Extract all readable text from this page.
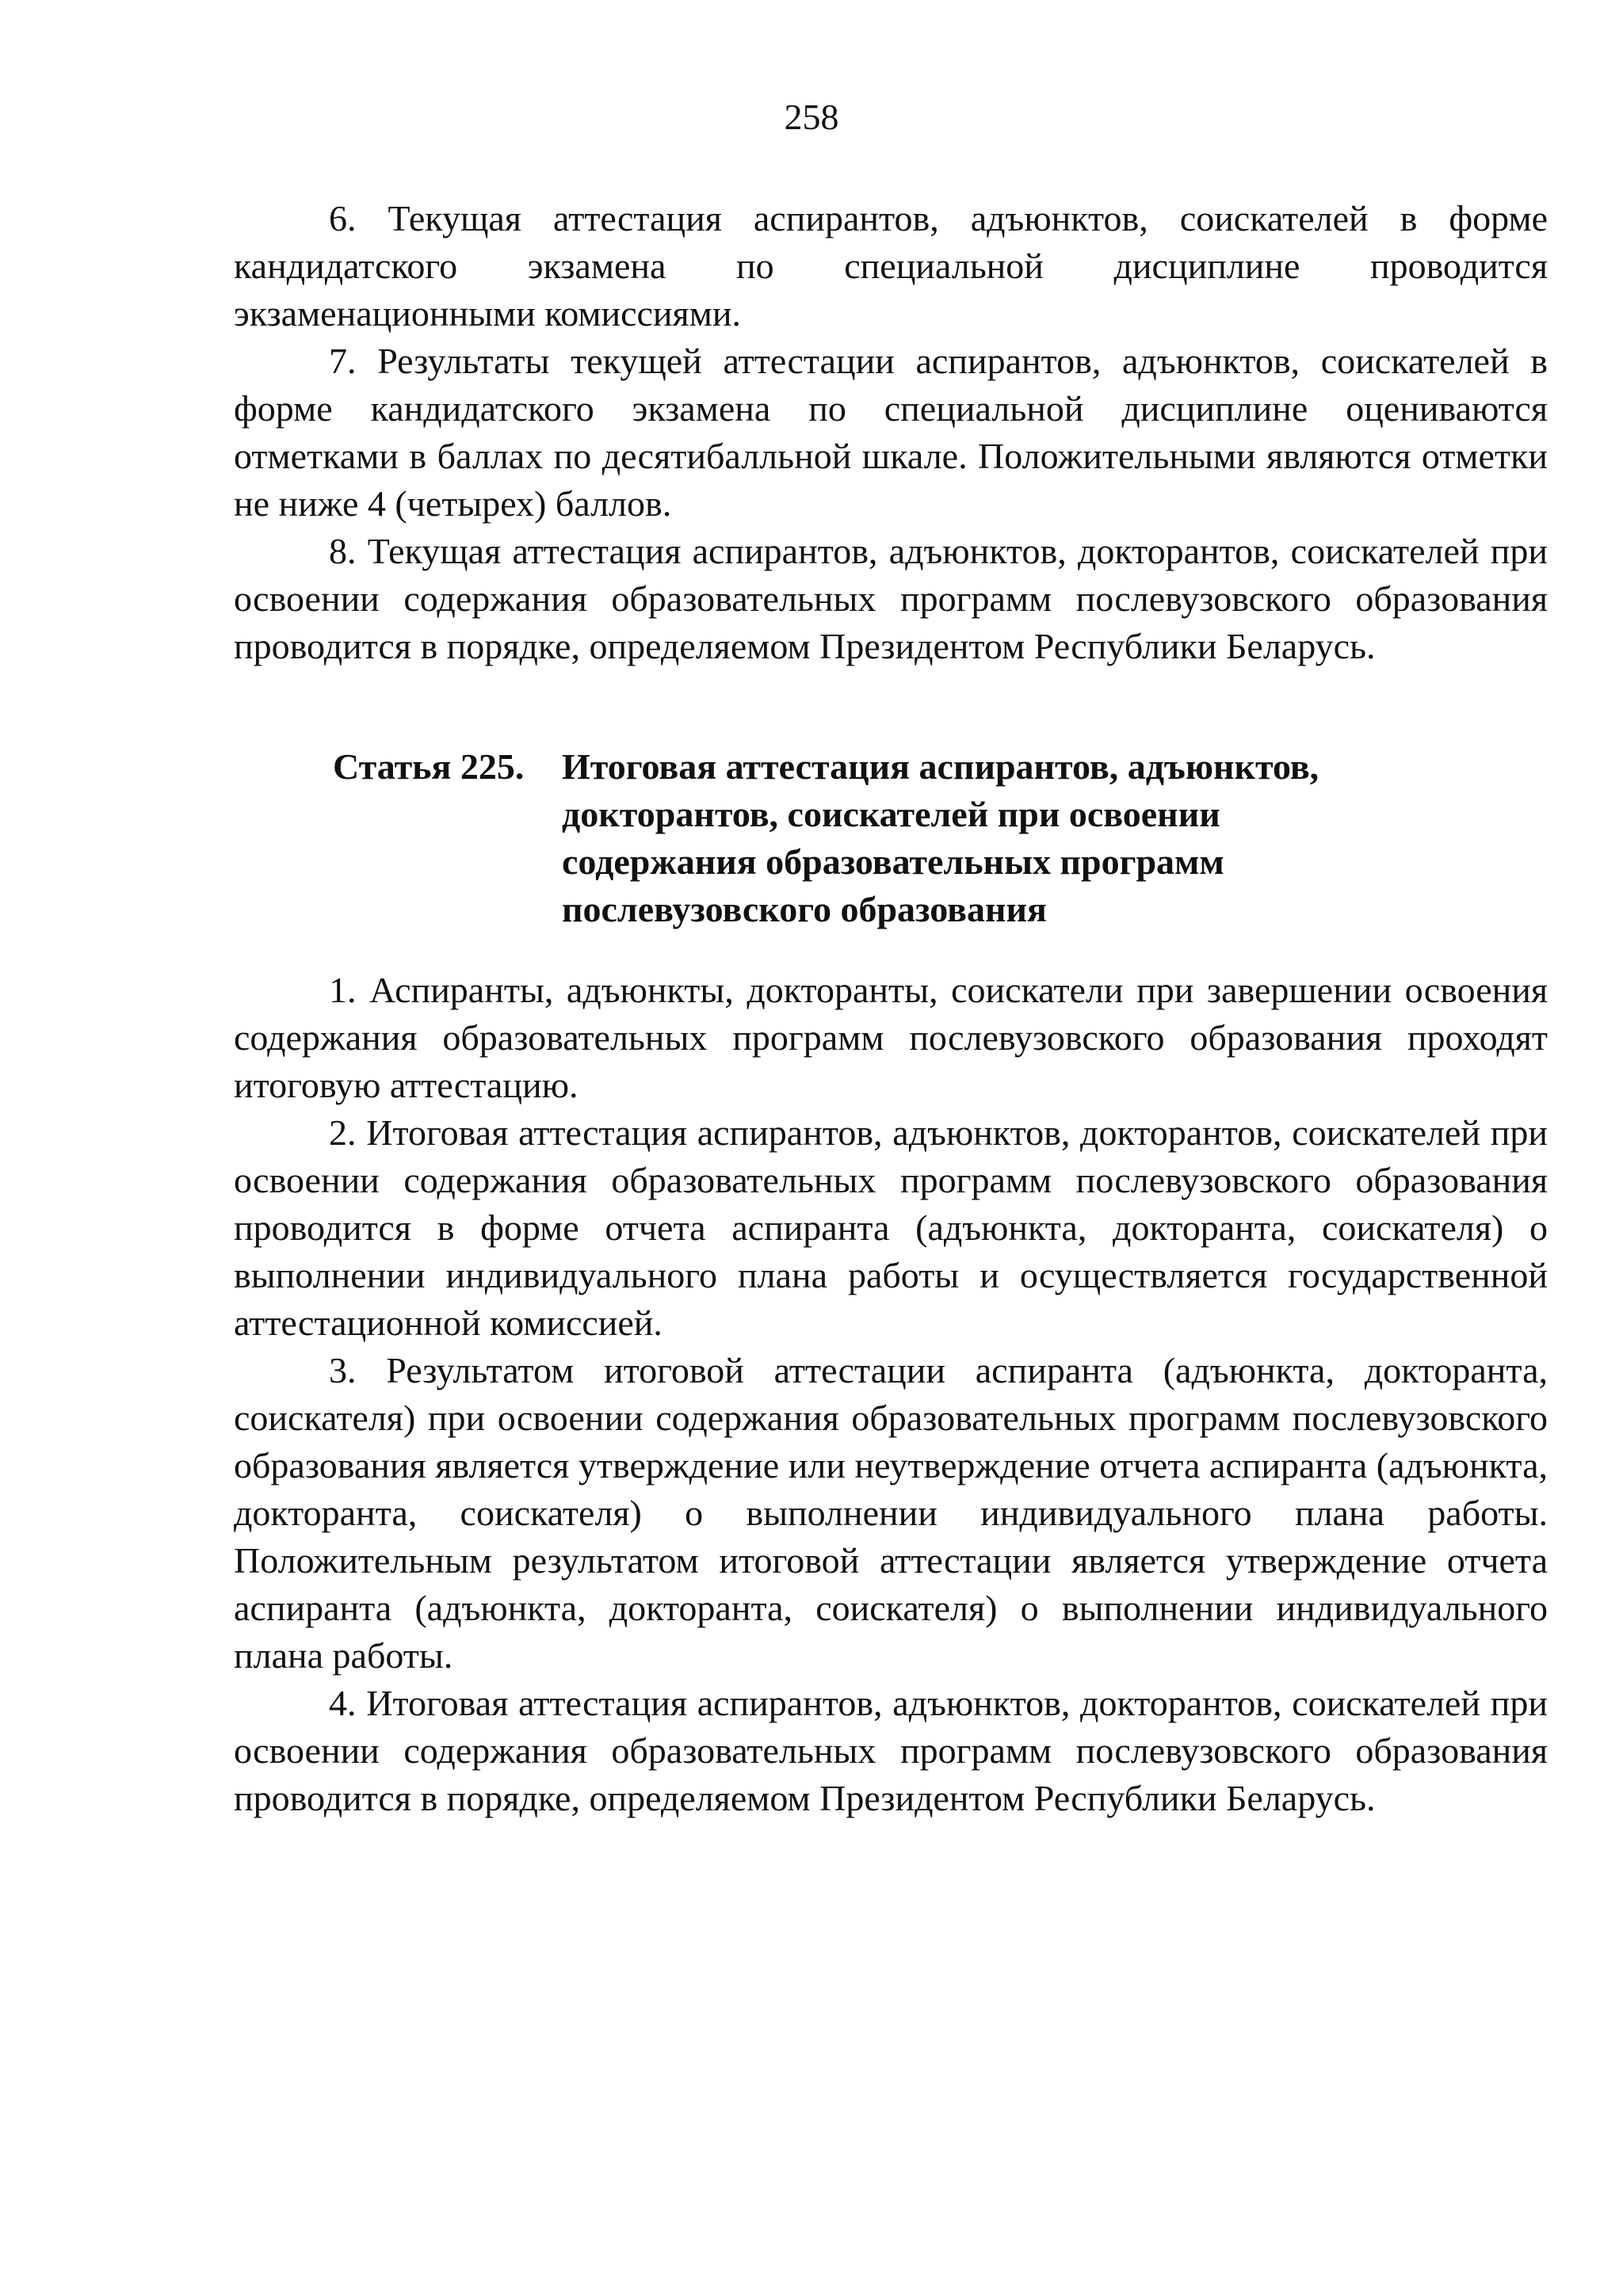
258

6. Текущая аттестация аспирантов, адъюнктов, соискателей в форме кандидатского экзамена по специальной дисциплине проводится экзаменационными комиссиями.

7. Результаты текущей аттестации аспирантов, адъюнктов, соискателей в форме кандидатского экзамена по специальной дисциплине оцениваются отметками в баллах по десятибалльной шкале. Положительными являются отметки не ниже 4 (четырех) баллов.

8. Текущая аттестация аспирантов, адъюнктов, докторантов, соискателей при освоении содержания образовательных программ послевузовского образования проводится в порядке, определяемом Президентом Республики Беларусь.

Статья 225.	Итоговая аттестация аспирантов, адъюнктов,
докторантов, соискателей при освоении
содержания образовательных программ
послевузовского образования

1. Аспиранты, адъюнкты, докторанты, соискатели при завершении освоения содержания образовательных программ послевузовского образования проходят итоговую аттестацию.

2. Итоговая аттестация аспирантов, адъюнктов, докторантов, соискателей при освоении содержания образовательных программ послевузовского образования проводится в форме отчета аспиранта (адъюнкта, докторанта, соискателя) о выполнении индивидуального плана работы и осуществляется государственной аттестационной комиссией.

3. Результатом итоговой аттестации аспиранта (адъюнкта, докторанта, соискателя) при освоении содержания образовательных программ послевузовского образования является утверждение или неутверждение отчета аспиранта (адъюнкта, докторанта, соискателя) о выполнении индивидуального плана работы. Положительным результатом итоговой аттестации является утверждение отчета аспиранта (адъюнкта, докторанта, соискателя) о выполнении индивидуального плана работы.

4. Итоговая аттестация аспирантов, адъюнктов, докторантов, соискателей при освоении содержания образовательных программ послевузовского образования проводится в порядке, определяемом Президентом Республики Беларусь.
